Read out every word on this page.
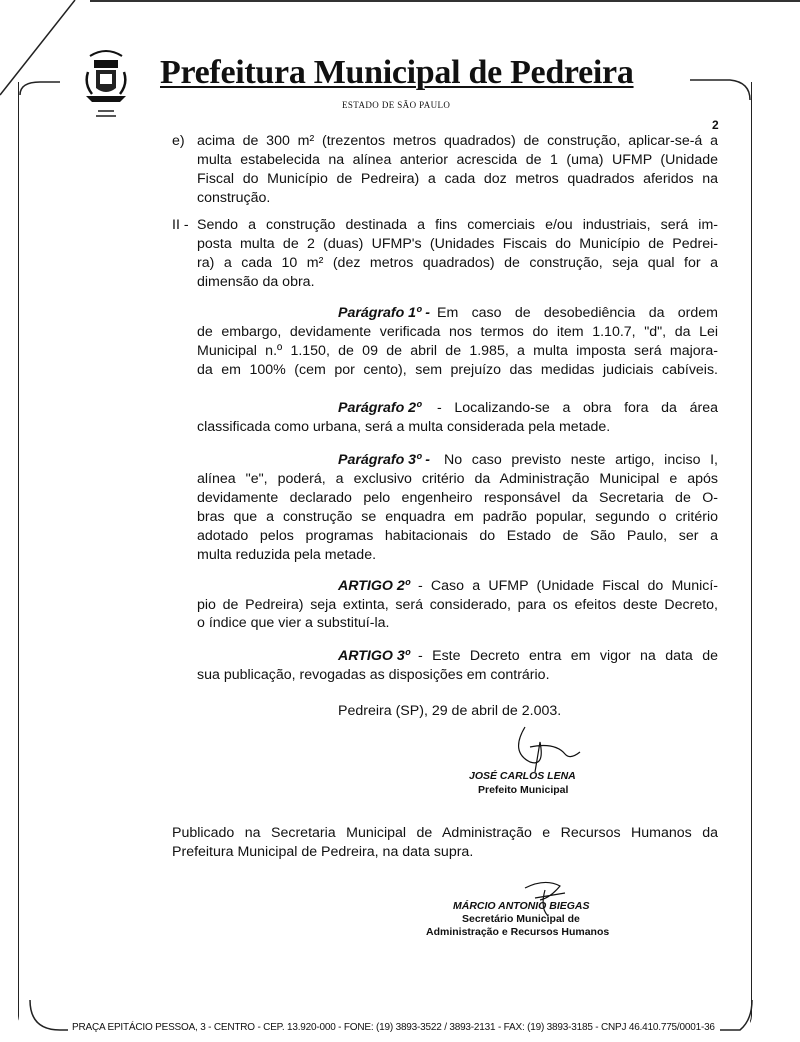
Prefeitura Municipal de Pedreira
ESTADO DE SÃO PAULO
2
e) acima de 300 m² (trezentos metros quadrados) de construção, aplicar-se-á a
multa estabelecida na alínea anterior acrescida de 1 (uma) UFMP (Unidade
Fiscal do Município de Pedreira) a cada doz metros quadrados aferidos na
construção.
II - Sendo a construção destinada a fins comerciais e/ou industriais, será im-
posta multa de 2 (duas) UFMP's (Unidades Fiscais do Município de Pedrei-
ra) a cada 10 m² (dez metros quadrados) de construção, seja qual for a
dimensão da obra.
Parágrafo 1º - Em caso de desobediência da ordem
de embargo, devidamente verificada nos termos do item 1.10.7, "d", da Lei
Municipal n.º 1.150, de 09 de abril de 1.985, a multa imposta será majora-
da em 100% (cem por cento), sem prejuízo das medidas judiciais cabíveis.
Parágrafo 2º - Localizando-se a obra fora da área
classificada como urbana, será a multa considerada pela metade.
Parágrafo 3º - No caso previsto neste artigo, inciso I,
alínea "e", poderá, a exclusivo critério da Administração Municipal e após
devidamente declarado pelo engenheiro responsável da Secretaria de O-
bras que a construção se enquadra em padrão popular, segundo o critério
adotado pelos programas habitacionais do Estado de São Paulo, ser a
multa reduzida pela metade.
ARTIGO 2º - Caso a UFMP (Unidade Fiscal do Municí-
pio de Pedreira) seja extinta, será considerado, para os efeitos deste Decreto,
o índice que vier a substituí-la.
ARTIGO 3º - Este Decreto entra em vigor na data de
sua publicação, revogadas as disposições em contrário.
Pedreira (SP), 29 de abril de 2.003.
JOSÉ CARLOS LENA
Prefeito Municipal
Publicado na Secretaria Municipal de Administração e Recursos Humanos da
Prefeitura Municipal de Pedreira, na data supra.
MÁRCIO ANTONIO BIEGAS
Secretário Municipal de
Administração e Recursos Humanos
PRAÇA EPITÁCIO PESSOA, 3 - CENTRO - CEP. 13.920-000 - FONE: (19) 3893-3522 / 3893-2131 - FAX: (19) 3893-3185 - CNPJ 46.410.775/0001-36
